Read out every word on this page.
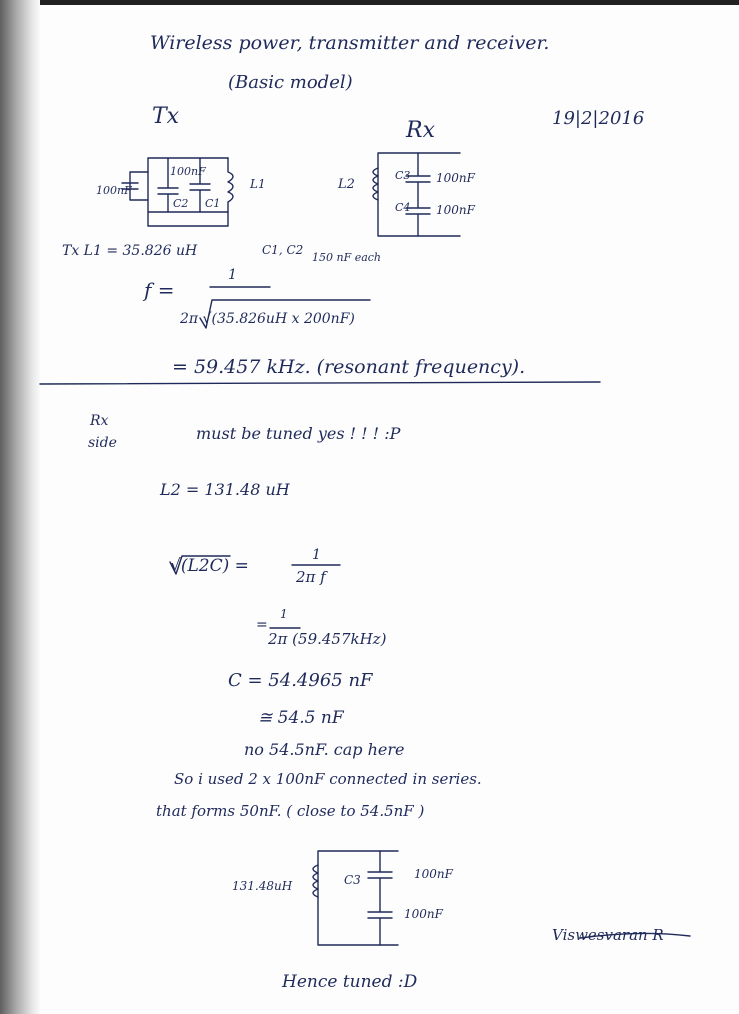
Wireless power, transmitter and receiver.
(Basic model)
19|2|2016
Tx
Rx
100nF
100nF
C2 C1
L1	L2
C3
C4
100nF
100nF
Tx L1 = 35.826 uH	C1, C2
150 nF each
f =
1
2π √(35.826uH x 200nF)
= 59.457 kHz. (resonant frequency).
Rx
side	must be tuned yes ! ! ! :P
L2 = 131.48 uH
√(L2C) =
1
2π f
=
1
2π (59.457kHz)
C = 54.4965 nF
≅ 54.5 nF
no 54.5nF. cap here
So i used 2 x 100nF connected in series.
that forms 50nF. ( close to 54.5nF )
131.48uH	C3	100nF
100nF
Hence tuned :D
Viswesvaran R
